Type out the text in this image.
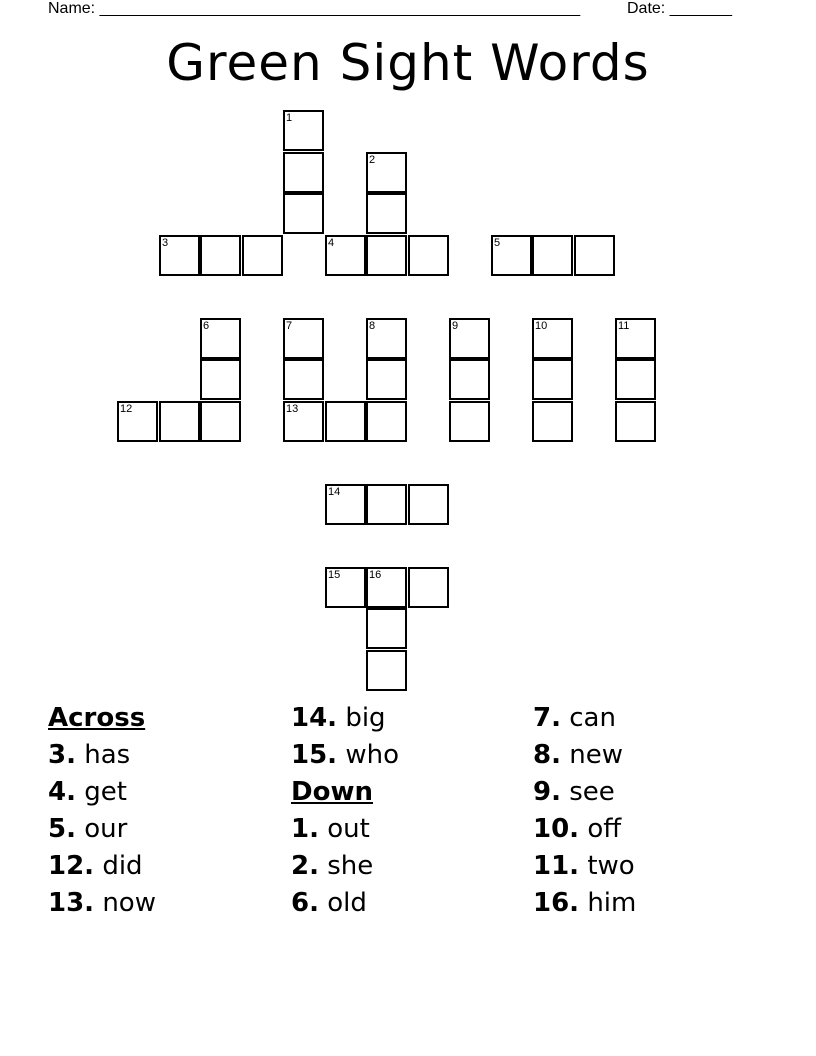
Name: ______________________________________________________	Date: _______
Green Sight Words
1
2
3	4	5
6	7	8	9	10	11
12	13
14
15	16
Across
3. has
4. get
5. our
12. did
13. now
14. big
15. who
Down
1. out
2. she
6. old
7. can
8. new
9. see
10. off
11. two
16. him
